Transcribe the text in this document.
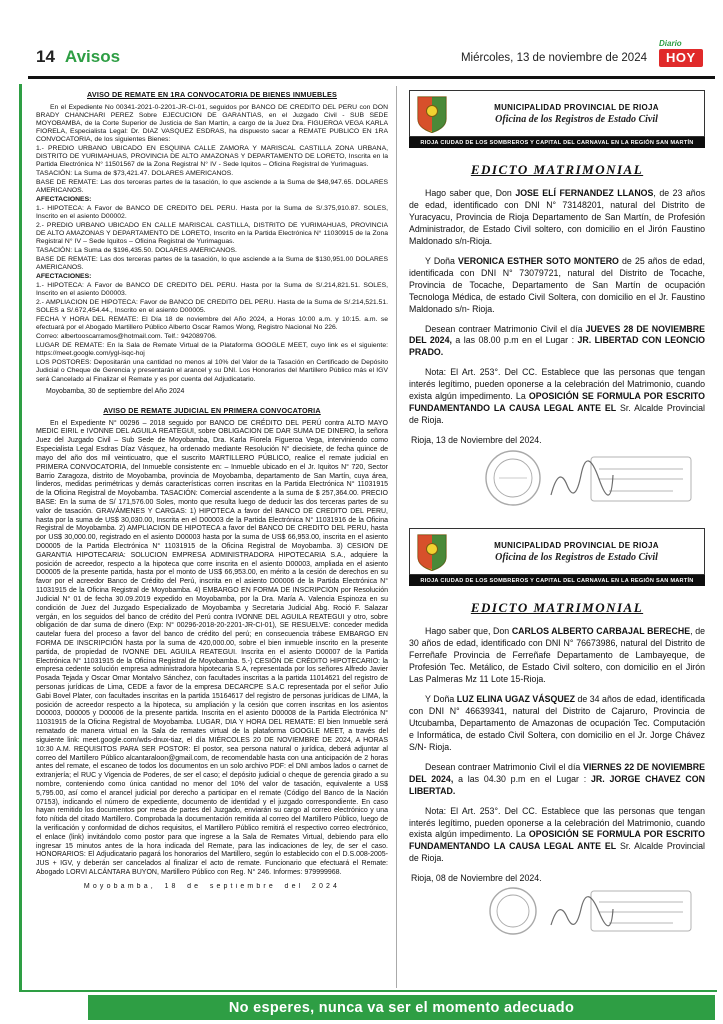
14 Avisos	Miércoles, 13 de noviembre de 2024
Diario
HOY
AVISO DE REMATE EN 1RA CONVOCATORIA DE BIENES INMUEBLES

En el Expediente No 00341-2021-0-2201-JR-CI-01, seguidos por BANCO DE CREDITO DEL PERU con DON BRADY CHANCHARI PEREZ Sobre EJECUCION DE GARANTIAS, en el Juzgado Civil - SUB SEDE MOYOBAMBA, de la Corte Superior de Justicia de San Martín, a cargo de la Juez Dra. FIGUEROA VEGA KARLA FIORELA, Especialista Legal: Dr. DIAZ VASQUEZ ESDRAS, ha dispuesto sacar a REMATE PUBLICO EN 1RA CONVOCATORIA, de los siguientes Bienes:

1.- PREDIO URBANO UBICADO EN ESQUINA CALLE ZAMORA Y MARISCAL CASTILLA ZONA URBANA, DISTRITO DE YURIMAHUAS, PROVINCIA DE ALTO AMAZONAS Y DEPARTAMENTO DE LORETO, Inscrita en la Partida Electrónica N° 11501567 de la Zona Registral N° IV - Sede Iquitos – Oficina Registral de Yurimaguas.

TASACIÓN: La Suma de $73,421.47. DOLARES AMERICANOS.

BASE DE REMATE: Las dos terceras partes de la tasación, lo que asciende a la Suma de $48,947.65. DOLARES AMERICANOS.

AFECTACIONES:

1.- HIPOTECA: A Favor de BANCO DE CREDITO DEL PERU. Hasta por la Suma de S/.375,910.87. SOLES, Inscrito en el asiento D00002.

2.- PREDIO URBANO UBICADO EN CALLE MARISCAL CASTILLA, DISTRITO DE YURIMAHUAS, PROVINCIA DE ALTO AMAZONAS Y DEPARTAMENTO DE LORETO, Inscrito en la Partida Electrónica N° 11030915 de la Zona Registral N° IV – Sede Iquitos – Oficina Registral de Yurimaguas.

TASACIÓN: La Suma de $196,435.50. DOLARES AMERICANOS.

BASE DE REMATE: Las dos terceras partes de la tasación, lo que asciende a la Suma de $130,951.00 DOLARES AMERICANOS.

AFECTACIONES:

1.- HIPOTECA: A Favor de BANCO DE CREDITO DEL PERU. Hasta por la Suma de S/.214,821.51. SOLES, Inscrito en el asiento D00003.

2.- AMPLIACION DE HIPOTECA: Favor de BANCO DE CREDITO DEL PERU. Hasta de la Suma de S/.214,521.51. SOLES a S/.672,454.44., Inscrito en el asiento D00005.

FECHA Y HORA DEL REMATE: El Día 18 de noviembre del Año 2024, a Horas 10:00 a.m. y 10:15. a.m. se efectuará por el Abogado Martillero Público Alberto Oscar Ramos Wong, Registro Nacional No 226.

Correo: albertooscarramos@hotmail.com. Telf.: 942089706.

LUGAR DE REMATE: En la Sala de Remate Virtual de la Plataforma GOOGLE MEET, cuyo link es el siguiente: https://meet.google.com/ygl-isqc-hoj

LOS POSTORES: Depositarán una cantidad no menos al 10% del Valor de la Tasación en Certificado de Depósito Judicial o Cheque de Gerencia y presentarán el arancel y su DNI. Los Honorarios del Martillero Público más el IGV será Cancelado al Finalizar el Remate y es por cuenta del Adjudicatario.

Moyobamba, 30 de septiembre del Año 2024

AVISO DE REMATE JUDICIAL EN PRIMERA CONVOCATORIA

En el Expediente N° 00296 – 2018 seguido por BANCO DE CRÉDITO DEL PERÚ contra ALTO MAYO MEDIC EIRIL e IVONNE DEL AGUILA REATEGUI, sobre OBLIGACION DE DAR SUMA DE DINERO, la señora Juez del Juzgado Civil – Sub Sede de Moyobamba, Dra. Karla Fiorela Figueroa Vega, interviniendo como Especialista Legal Esdras Díaz Vásquez, ha ordenado mediante Resolución N° diecisiete, de fecha quince de mayo del año dos mil veinticuatro, que el suscrito MARTILLERO PÚBLICO, realice el remate judicial en PRIMERA CONVOCATORIA, del Inmueble consistente en: – Inmueble ubicado en el Jr. Iquitos N° 720, Sector Barrio Zaragoza, distrito de Moyobamba, provincia de Moyobamba, departamento de San Martín, cuya área, linderos, medidas perimétricas y demás características corren inscritas en la Partida Electrónica N° 11031915 de la Oficina Registral de Moyobamba. TASACIÓN: Comercial ascendente a la suma de $ 257,364.00. PRECIO BASE: En la suma de S/ 171,576.00 Soles, monto que resulta luego de deducir las dos terceras partes de su valor de tasación. GRAVÁMENES Y CARGAS: 1) HIPOTECA a favor del BANCO DE CREDITO DEL PERU, hasta por la suma de US$ 30,030.00, Inscrita en el D00003 de la Partida Electrónica N° 11031916 de la Oficina Registral de Moyobamba. 2) AMPLIACION DE HIPOTECA a favor del BANCO DE CREDITO DEL PERU, hasta por US$ 30,000.00, registrado en el asiento D00003 hasta por la suma de US$ 66,953.00, inscrita en el asiento D00005 de la Partida Electrónica N° 11031915 de la Oficina Registral de Moyobamba. 3) CESION DE GARANTIA HIPOTECARIA: SOLUCION EMPRESA ADMINISTRADORA HIPOTECARIA S.A., adquiere la posición de acreedor, respecto a la hipoteca que corre inscrita en el asiento D00003, ampliada en el asiento D00005 de la presente partida, hasta por el monto de US$ 66,953.00, en mérito a la cesión de derechos en su favor por el acreedor Banco de Crédito del Perú, inscrita en el asiento D00006 de la Partida Electrónica N° 11031915 de la Oficina Registral de Moyobamba. 4) EMBARGO EN FORMA DE INSCRIPCION por Resolución Judicial N° 01 de fecha 30.09.2019 expedido en Moyobamba, por la Dra. María A. Valencia Espinoza en su condición de Juez del Juzgado Especializado de Moyobamba y Secretaria Judicial Abg. Roció F. Salazar vergán, en los seguidos del banco de crédito del Perú contra IVONNE DEL AGUILA REATEGUI y otro, sobre obligación de dar suma de dinero (Exp: N° 00296-2018-20-2201-JR-CI-01), SE RESUELVE: conceder medida cautelar fuera del proceso a favor del banco de crédito del perú; en consecuencia trábese EMBARGO EN FORMA DE INSCRIPCIÓN hasta por la suma de 420,000.00, sobre el bien inmueble inscrito en la presente partida, de propiedad de IVONNE DEL AGUILA REATEGUI. Inscrita en el asiento D00007 de la Partida Electrónica N° 11031915 de la Oficina Registral de Moyobamba. 5.-) CESIÓN DE CRÉDITO HIPOTECARIO: la empresa cedente solución empresa administradora hipotecaria S.A, representada por los señores Alfredo Javier Posada Tejada y Oscar Omar Montalvo Sánchez, con facultades inscritas a la partida 11014621 del registro de personas jurídicas de Lima, CEDE a favor de la empresa DECARCPE S.A.C representada por el señor Julio Gabi Bovel Plater, con facultades inscritas en la partida 15164617 del registro de personas jurídicas de LIMA, la posición de acreedor respecto a la hipoteca, su ampliación y la cesión que corren inscritas en los asientos D00003, D00005 y D00006 de la presente partida. Inscrita en el asiento D00008 de la Partida Electrónica N° 11031915 de la Oficina Registral de Moyobamba. LUGAR, DIA Y HORA DEL REMATE: El bien Inmueble será rematado de manera virtual en la Sala de remates virtual de la plataforma GOOGLE MEET, a través del siguiente link: meet.google.com/wds-dnux-tiaz, el día MIÉRCOLES 20 DE NOVIEMBRE DE 2024, A HORAS 10:30 A.M. REQUISITOS PARA SER POSTOR: El postor, sea persona natural o jurídica, deberá adjuntar al correo del Martillero Público alcantaraloon@gmail.com, de recomendable hasta con una anticipación de 2 horas antes del remate, el escaneo de todos los documentos en un solo archivo PDF: el DNI ambos lados o carnet de extranjería; el RUC y Vigencia de Poderes, de ser el caso; el depósito judicial o cheque de gerencia girado a su nombre, conteniendo como única cantidad no menor del 10% del valor de tasación, equivalente a US$ 5,795.00, así como el arancel judicial por derecho a participar en el remate (Código del Banco de la Nación 07153), indicando el número de expediente, documento de identidad y el juzgado correspondiente. En caso hayan remitido los documentos por mesa de partes del Juzgado, enviarán su cargo al correo electrónico y una foto nítida del citado Martillero. Comprobada la documentación remitida al correo del Martillero Público, luego de la verificación y conformidad de dichos requisitos, el Martillero Público remitirá el respectivo correo electrónico, el enlace (link) invitándolo como postor para que ingrese a la Sala de Remates Virtual, debiendo para ello ingresar 15 minutos antes de la hora indicada del Remate, para las indicaciones de ley, de ser el caso. HONORARIOS: El Adjudicatario pagará los honorarios del Martillero, según lo establecido con el D.S.008-2005-JUS + IGV, y deberán ser cancelados al finalizar el acto de remate. Funcionario que efectuará el Remate: Abogado LORVI ALCÁNTARA BUYON, Martillero Público con Reg. N° 246. Informes: 979999968.

Moyobamba, 18 de septiembre del 2024

MUNICIPALIDAD PROVINCIAL DE RIOJA
Oficina de los Registros de Estado Civil
RIOJA CIUDAD DE LOS SOMBREROS Y CAPITAL DEL CARNAVAL EN LA REGIÓN SAN MARTÍN
EDICTO MATRIMONIAL

Hago saber que, Don JOSE ELÍ FERNANDEZ LLANOS, de 23 años de edad, identificado con DNI N° 73148201, natural del Distrito de Yuracyacu, Provincia de Rioja Departamento de San Martín, de Profesión Administrador, de Estado Civil soltero, con domicilio en el Jirón Faustino Maldonado s/n-Rioja.

Y Doña VERONICA ESTHER SOTO MONTERO de 25 años de edad, identificada con DNI N° 73079721, natural del Distrito de Tocache, Provincia de Tocache, Departamento de San Martín de ocupación Tecnologa Médica, de estado Civil Soltera, con domicilio en el Jr. Faustino Maldonado s/n- Rioja.

Desean contraer Matrimonio Civil el día JUEVES 28 DE NOVIEMBRE DEL 2024, a las 08.00 p.m en el Lugar : JR. LIBERTAD CON LEONCIO PRADO.

Nota: El Art. 253°. Del CC. Establece que las personas que tengan interés legítimo, pueden oponerse a la celebración del Matrimonio, cuando exista algún impedimento. La OPOSICIÓN SE FORMULA POR ESCRITO FUNDAMENTANDO LA CAUSA LEGAL ANTE EL Sr. Alcalde Provincial de Rioja.

Rioja, 13 de Noviembre del 2024.

MUNICIPALIDAD PROVINCIAL DE RIOJA
Oficina de los Registros de Estado Civil
RIOJA CIUDAD DE LOS SOMBREROS Y CAPITAL DEL CARNAVAL EN LA REGIÓN SAN MARTÍN
EDICTO MATRIMONIAL

Hago saber que, Don CARLOS ALBERTO CARBAJAL BERECHE, de 30 años de edad, identificado con DNI N° 76673986, natural del Distrito de Ferreñafe Provincia de Ferreñafe Departamento de Lambayeque, de Profesión Tec. Metálico, de Estado Civil soltero, con domicilio en el Jirón Las Palmeras Mz 11 Lote 15-Rioja.

Y Doña LUZ ELINA UGAZ VÁSQUEZ de 34 años de edad, identificada con DNI N° 46639341, natural del Distrito de Cajaruro, Provincia de Utcubamba, Departamento de Amazonas de ocupación Tec. Computación e Informática, de estado Civil Soltera, con domicilio en el Jr. Jorge Chávez S/N- Rioja.

Desean contraer Matrimonio Civil el día VIERNES 22 DE NOVIEMBRE DEL 2024, a las 04.30 p.m en el Lugar : JR. JORGE CHAVEZ CON LIBERTAD.

Nota: El Art. 253°. Del CC. Establece que las personas que tengan interés legítimo, pueden oponerse a la celebración del Matrimonio, cuando exista algún impedimento. La OPOSICIÓN SE FORMULA POR ESCRITO FUNDAMENTANDO LA CAUSA LEGAL ANTE EL Sr. Alcalde Provincial de Rioja.

Rioja, 08 de Noviembre del 2024.

No esperes, nunca va ser el momento adecuado
